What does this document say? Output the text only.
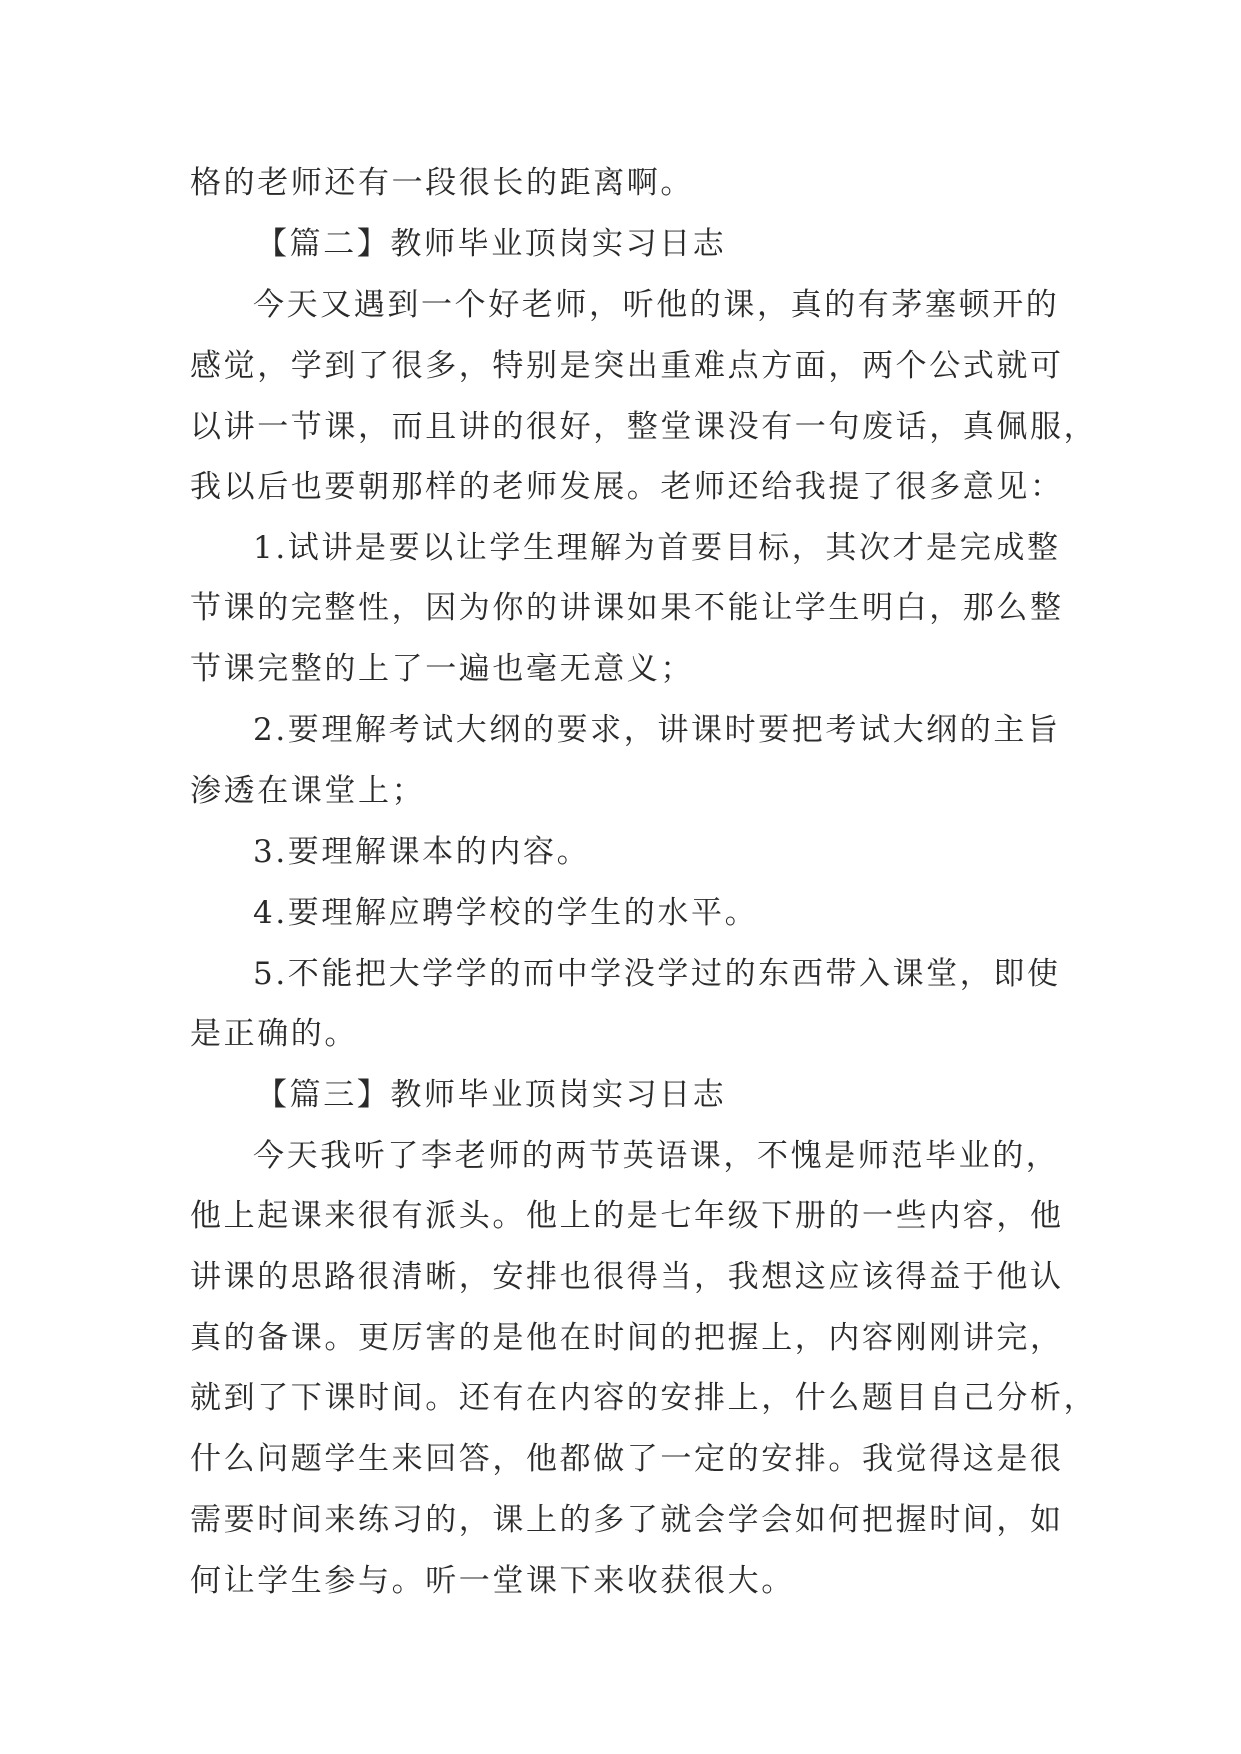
格的老师还有一段很长的距离啊。
【篇二】教师毕业顶岗实习日志
今天又遇到一个好老师，听他的课，真的有茅塞顿开的
感觉，学到了很多，特别是突出重难点方面，两个公式就可
以讲一节课，而且讲的很好，整堂课没有一句废话，真佩服，
我以后也要朝那样的老师发展。老师还给我提了很多意见：
1.试讲是要以让学生理解为首要目标，其次才是完成整
节课的完整性，因为你的讲课如果不能让学生明白，那么整
节课完整的上了一遍也毫无意义；
2.要理解考试大纲的要求，讲课时要把考试大纲的主旨
渗透在课堂上；
3.要理解课本的内容。
4.要理解应聘学校的学生的水平。
5.不能把大学学的而中学没学过的东西带入课堂，即使
是正确的。
【篇三】教师毕业顶岗实习日志
今天我听了李老师的两节英语课，不愧是师范毕业的，
他上起课来很有派头。他上的是七年级下册的一些内容，他
讲课的思路很清晰，安排也很得当，我想这应该得益于他认
真的备课。更厉害的是他在时间的把握上，内容刚刚讲完，
就到了下课时间。还有在内容的安排上，什么题目自己分析，
什么问题学生来回答，他都做了一定的安排。我觉得这是很
需要时间来练习的，课上的多了就会学会如何把握时间，如
何让学生参与。听一堂课下来收获很大。
